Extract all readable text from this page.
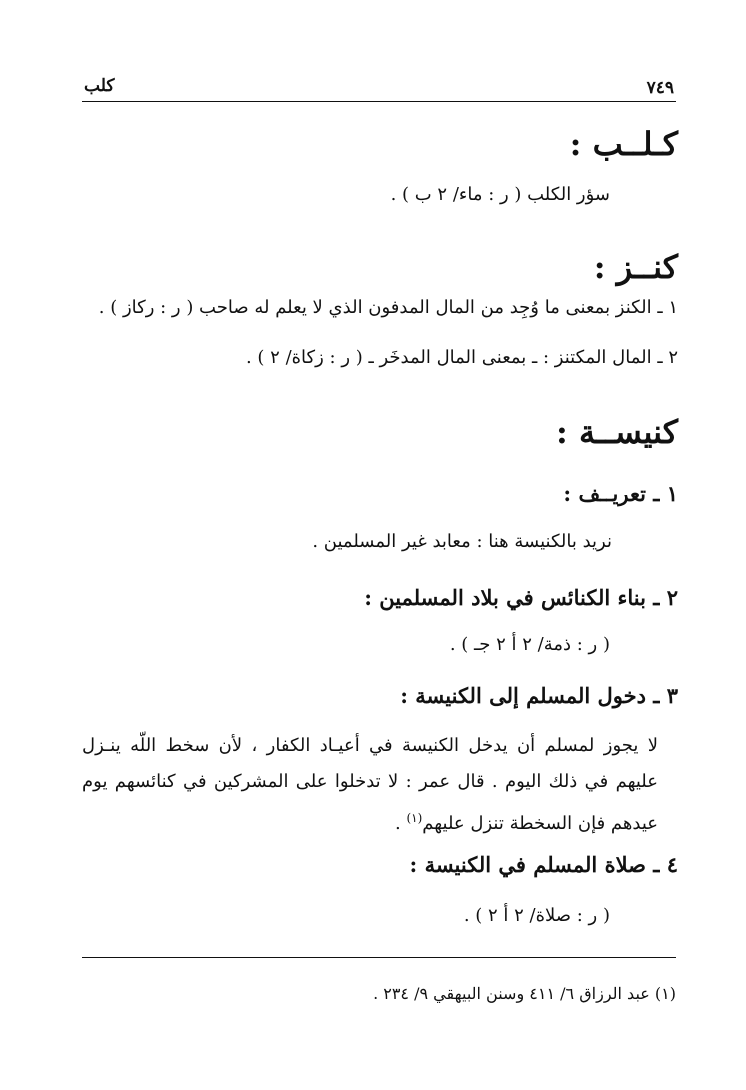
٧٤٩
كلب
كـلــب :
سؤر الكلب ( ر : ماء/ ٢ ب ) .
كنــز :
١ ـ الكنز بمعنى ما وُجِد من المال المدفون الذي لا يعلم له صاحب ( ر : ركاز ) .
٢ ـ المال المكتنز : ـ بمعنى المال المدخَر ـ ( ر : زكاة/ ٢ ) .
كنيســة :
١ ـ تعريــف :
نريد بالكنيسة هنا : معابد غير المسلمين .
٢ ـ بناء الكنائس في بلاد المسلمين :
( ر : ذمة/ ٢ أ ٢ جـ ) .
٣ ـ دخول المسلم إلى الكنيسة :
لا يجوز لمسلم أن يدخل الكنيسة في أعيـاد الكفار ، لأن سخط اللّه ينـزل عليهم في ذلك اليوم . قال عمر : لا تدخلوا على المشركين في كنائسهم يوم عيدهم فإن السخطة تنزل عليهم$^{(١)}$ .
٤ ـ صلاة المسلم في الكنيسة :
( ر : صلاة/ ٢ أ ٢ ) .
(١) عبد الرزاق ٦/ ٤١١ وسنن البيهقي ٩/ ٢٣٤ .
